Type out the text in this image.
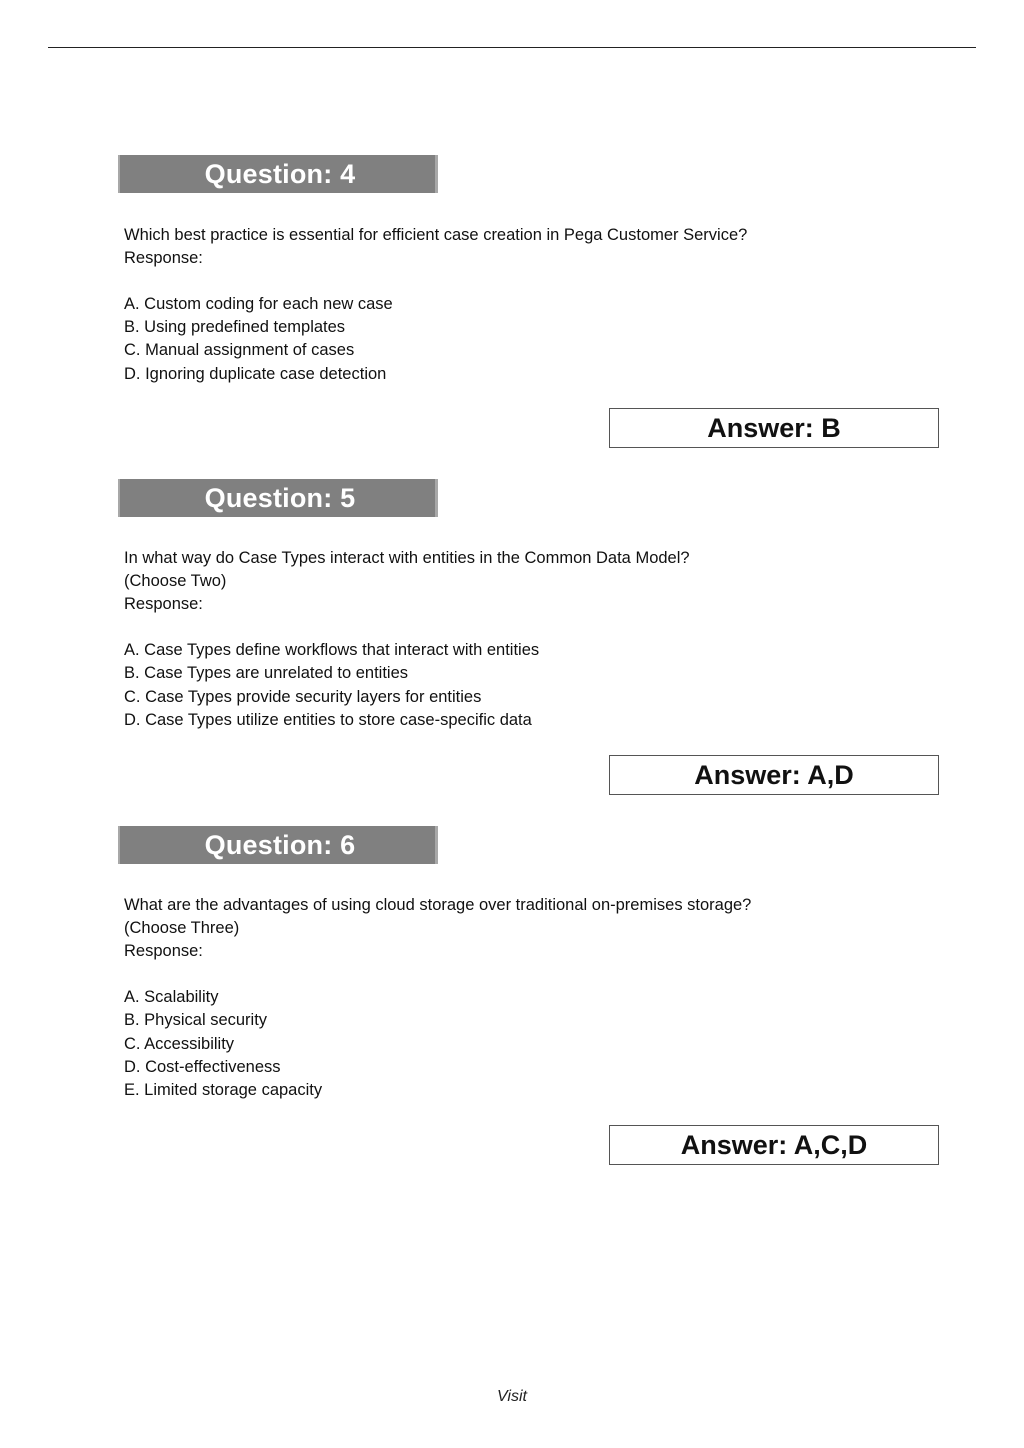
Question: 4
Which best practice is essential for efficient case creation in Pega Customer Service?
Response:
A. Custom coding for each new case
B. Using predefined templates
C. Manual assignment of cases
D. Ignoring duplicate case detection
Answer: B
Question: 5
In what way do Case Types interact with entities in the Common Data Model?
(Choose Two)
Response:
A. Case Types define workflows that interact with entities
B. Case Types are unrelated to entities
C. Case Types provide security layers for entities
D. Case Types utilize entities to store case-specific data
Answer: A,D
Question: 6
What are the advantages of using cloud storage over traditional on-premises storage?
(Choose Three)
Response:
A. Scalability
B. Physical security
C. Accessibility
D. Cost-effectiveness
E. Limited storage capacity
Answer: A,C,D
Visit
